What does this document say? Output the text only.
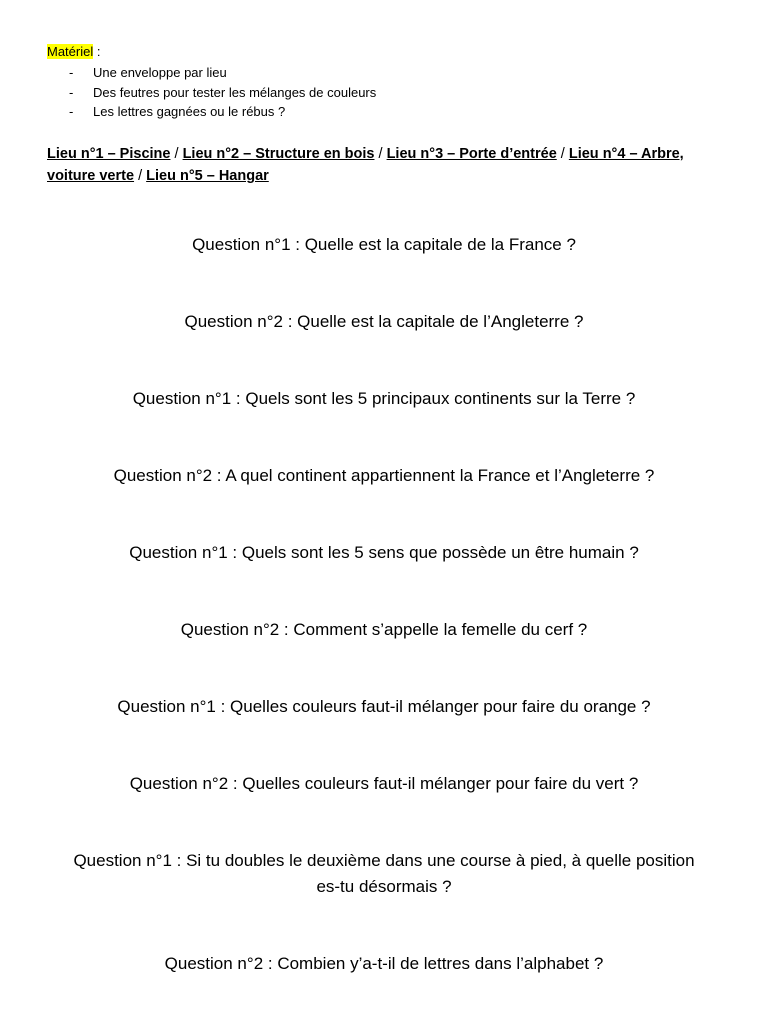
Matériel :
- Une enveloppe par lieu
- Des feutres pour tester les mélanges de couleurs
- Les lettres gagnées ou le rébus ?
Lieu n°1 – Piscine / Lieu n°2 – Structure en bois / Lieu n°3 – Porte d’entrée / Lieu n°4 – Arbre, voiture verte / Lieu n°5 – Hangar
Question n°1 : Quelle est la capitale de la France ?
Question n°2 : Quelle est la capitale de l’Angleterre ?
Question n°1 : Quels sont les 5 principaux continents sur la Terre ?
Question n°2 : A quel continent appartiennent la France et l’Angleterre ?
Question n°1 : Quels sont les 5 sens que possède un être humain ?
Question n°2 : Comment s’appelle la femelle du cerf ?
Question n°1 : Quelles couleurs faut-il mélanger pour faire du orange ?
Question n°2 : Quelles couleurs faut-il mélanger pour faire du vert ?
Question n°1 : Si tu doubles le deuxième dans une course à pied, à quelle position es-tu désormais ?
Question n°2 : Combien y’a-t-il de lettres dans l’alphabet ?
